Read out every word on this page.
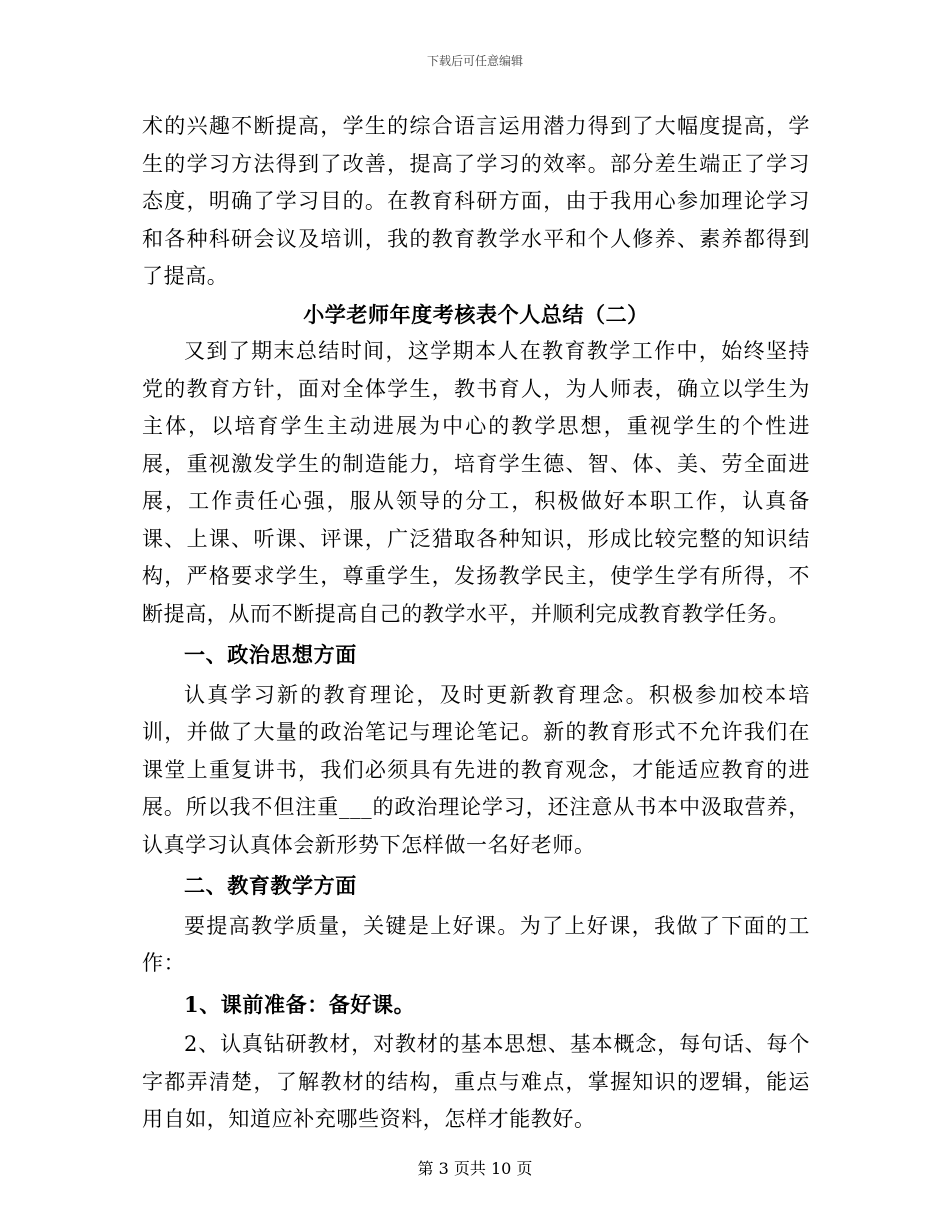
下载后可任意编辑

术的兴趣不断提高，学生的综合语言运用潜力得到了大幅度提高，学生的学习方法得到了改善，提高了学习的效率。部分差生端正了学习态度，明确了学习目的。在教育科研方面，由于我用心参加理论学习和各种科研会议及培训，我的教育教学水平和个人修养、素养都得到了提高。

小学老师年度考核表个人总结（二）

又到了期末总结时间，这学期本人在教育教学工作中，始终坚持党的教育方针，面对全体学生，教书育人，为人师表，确立以学生为主体，以培育学生主动进展为中心的教学思想，重视学生的个性进展，重视激发学生的制造能力，培育学生德、智、体、美、劳全面进展，工作责任心强，服从领导的分工，积极做好本职工作，认真备课、上课、听课、评课，广泛猎取各种知识，形成比较完整的知识结构，严格要求学生，尊重学生，发扬教学民主，使学生学有所得，不断提高，从而不断提高自己的教学水平，并顺利完成教育教学任务。

一、政治思想方面

认真学习新的教育理论，及时更新教育理念。积极参加校本培训，并做了大量的政治笔记与理论笔记。新的教育形式不允许我们在课堂上重复讲书，我们必须具有先进的教育观念，才能适应教育的进展。所以我不但注重___的政治理论学习，还注意从书本中汲取营养，认真学习认真体会新形势下怎样做一名好老师。

二、教育教学方面

要提高教学质量，关键是上好课。为了上好课，我做了下面的工作：

1、课前准备：备好课。

2、认真钻研教材，对教材的基本思想、基本概念，每句话、每个字都弄清楚，了解教材的结构，重点与难点，掌握知识的逻辑，能运用自如，知道应补充哪些资料，怎样才能教好。

第 3 页共 10 页
